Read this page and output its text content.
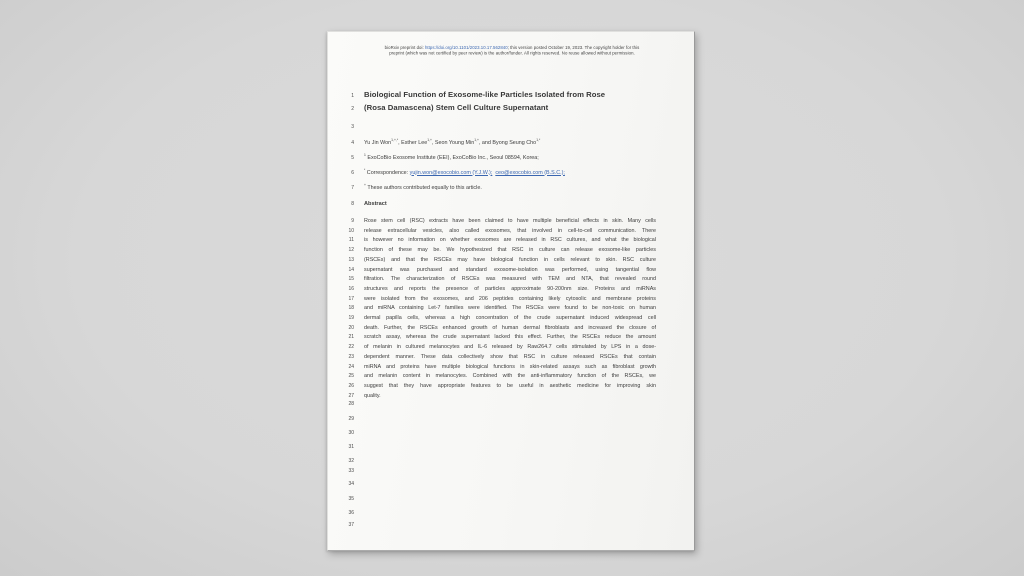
bioRxiv preprint doi: https://doi.org/10.1101/2023.10.17.562840; this version posted October 19, 2023. The copyright holder for this
preprint (which was not certified by peer review) is the author/funder. All rights reserved. No reuse allowed without permission.
1 Biological Function of Exosome-like Particles Isolated from Rose
2 (Rosa Damascena) Stem Cell Culture Supernatant
3
4 Yu Jin Won$^{1,+,*}$, Esther Lee$^{1,+}$, Seon Young Min$^{1,+}$, and Byong Seung Cho$^{1,*}$
5	$^1$ ExoCoBio Exosome Institute (EEI), ExoCoBio Inc., Seoul 08594, Korea;
6	* Correspondence: yujin.won@exocobio.com (Y.J.W.); ceo@exocobio.com (B.S.C.);
7	+ These authors contributed equally to this article.
8 Abstract
9
10
11
12
13
14
15
16
17
18
19
20
21
22
23
24
25
26
27
Rose stem cell (RSC) extracts have been claimed to have multiple beneficial effects in skin. Many cells
release extracellular vesicles, also called exosomes, that involved in cell-to-cell communication. There
is however no information on whether exosomes are released in RSC cultures, and what the biological
function of these may be. We hypothesized that RSC in culture can release exosome-like particles
(RSCEs) and that the RSCEs may have biological function in cells relevant to skin. RSC culture
supernatant was purchased and standard exosome-isolation was performed, using tangential flow
filtration. The characterization of RSCEs was measured with TEM and NTA, that revealed round
structures and reports the presence of particles approximate 90-200nm size. Proteins and miRNAs
were isolated from the exosomes, and 206 peptides containing likely cytosolic and membrane proteins
and miRNA containing Let-7 families were identified. The RSCEs were found to be non-toxic on human
dermal papilla cells, whereas a high concentration of the crude supernatant induced widespread cell
death. Further, the RSCEs enhanced growth of human dermal fibroblasts and increased the closure of
scratch assay, whereas the crude supernatant lacked this effect. Further, the RSCEs reduce the amount
of melanin in cultured melanocytes and IL-6 released by Raw264.7 cells stimulated by LPS in a dose-
dependent manner. These data collectively show that RSC in culture released RSCEs that contain
miRNA and proteins have multiple biological functions in skin-related assays such as fibroblast growth
and melanin content in melanocytes. Combined with the anti-inflammatory function of the RSCEs, we
suggest that they have appropriate features to be useful in aesthetic medicine for improving skin
quality.
28
29
30
31
32
33
34
35
36
37
